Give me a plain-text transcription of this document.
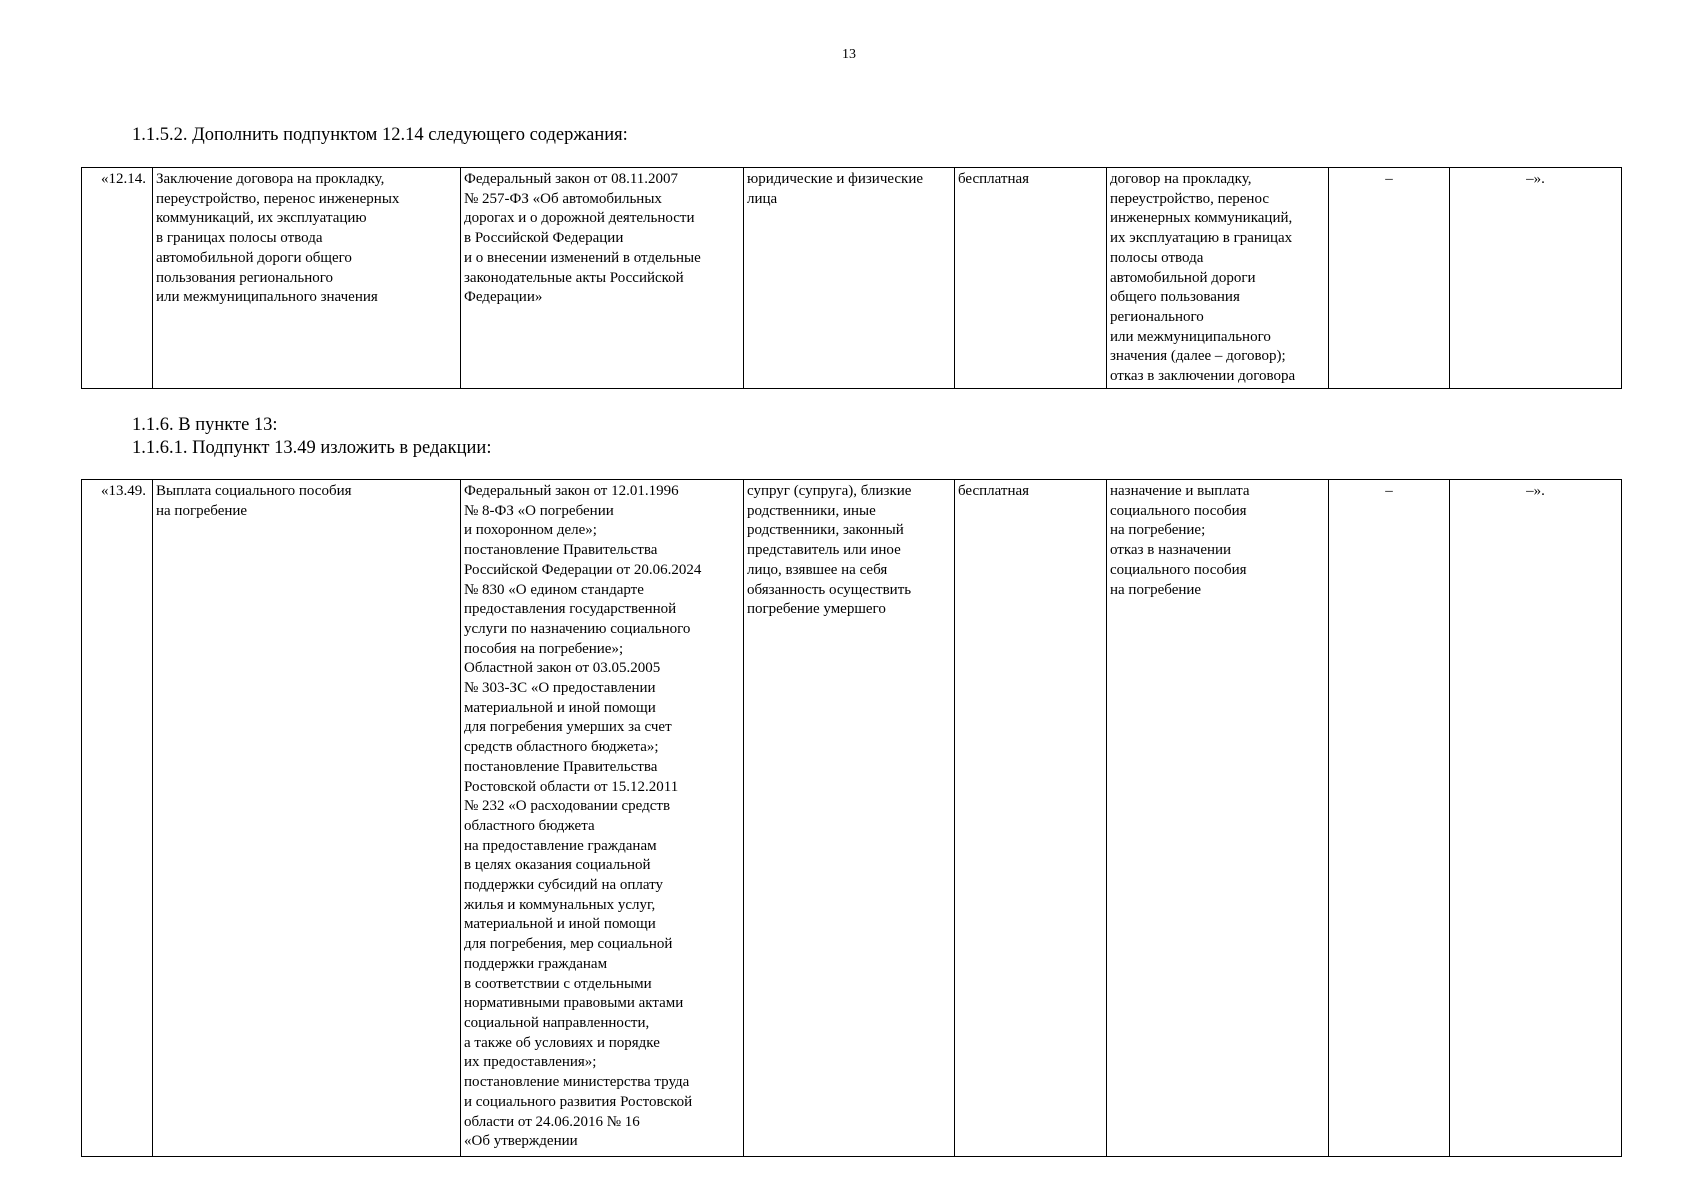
13
1.1.5.2. Дополнить подпунктом 12.14 следующего содержания:
«12.14.	Заключение договора на прокладку,
переустройство, перенос инженерных
коммуникаций, их эксплуатацию
в границах полосы отвода
автомобильной дороги общего
пользования регионального
или межмуниципального значения	Федеральный закон от 08.11.2007
№ 257-ФЗ «Об автомобильных
дорогах и о дорожной деятельности
в Российской Федерации
и о внесении изменений в отдельные
законодательные акты Российской
Федерации»	юридические и физические
лица	бесплатная	договор на прокладку,
переустройство, перенос
инженерных коммуникаций,
их эксплуатацию в границах
полосы отвода
автомобильной дороги
общего пользования
регионального
или межмуниципального
значения (далее – договор);
отказ в заключении договора	–	–».
1.1.6. В пункте 13:
1.1.6.1. Подпункт 13.49 изложить в редакции:
«13.49.	Выплата социального пособия
на погребение	Федеральный закон от 12.01.1996
№ 8-ФЗ «О погребении
и похоронном деле»;
постановление Правительства
Российской Федерации от 20.06.2024
№ 830 «О едином стандарте
предоставления государственной
услуги по назначению социального
пособия на погребение»;
Областной закон от 03.05.2005
№ 303-ЗС «О предоставлении
материальной и иной помощи
для погребения умерших за счет
средств областного бюджета»;
постановление Правительства
Ростовской области от 15.12.2011
№ 232 «О расходовании средств
областного бюджета
на предоставление гражданам
в целях оказания социальной
поддержки субсидий на оплату
жилья и коммунальных услуг,
материальной и иной помощи
для погребения, мер социальной
поддержки гражданам
в соответствии с отдельными
нормативными правовыми актами
социальной направленности,
а также об условиях и порядке
их предоставления»;
постановление министерства труда
и социального развития Ростовской
области от 24.06.2016 № 16
«Об утверждении	супруг (супруга), близкие
родственники, иные
родственники, законный
представитель или иное
лицо, взявшее на себя
обязанность осуществить
погребение умершего	бесплатная	назначение и выплата
социального пособия
на погребение;
отказ в назначении
социального пособия
на погребение	–	–».
